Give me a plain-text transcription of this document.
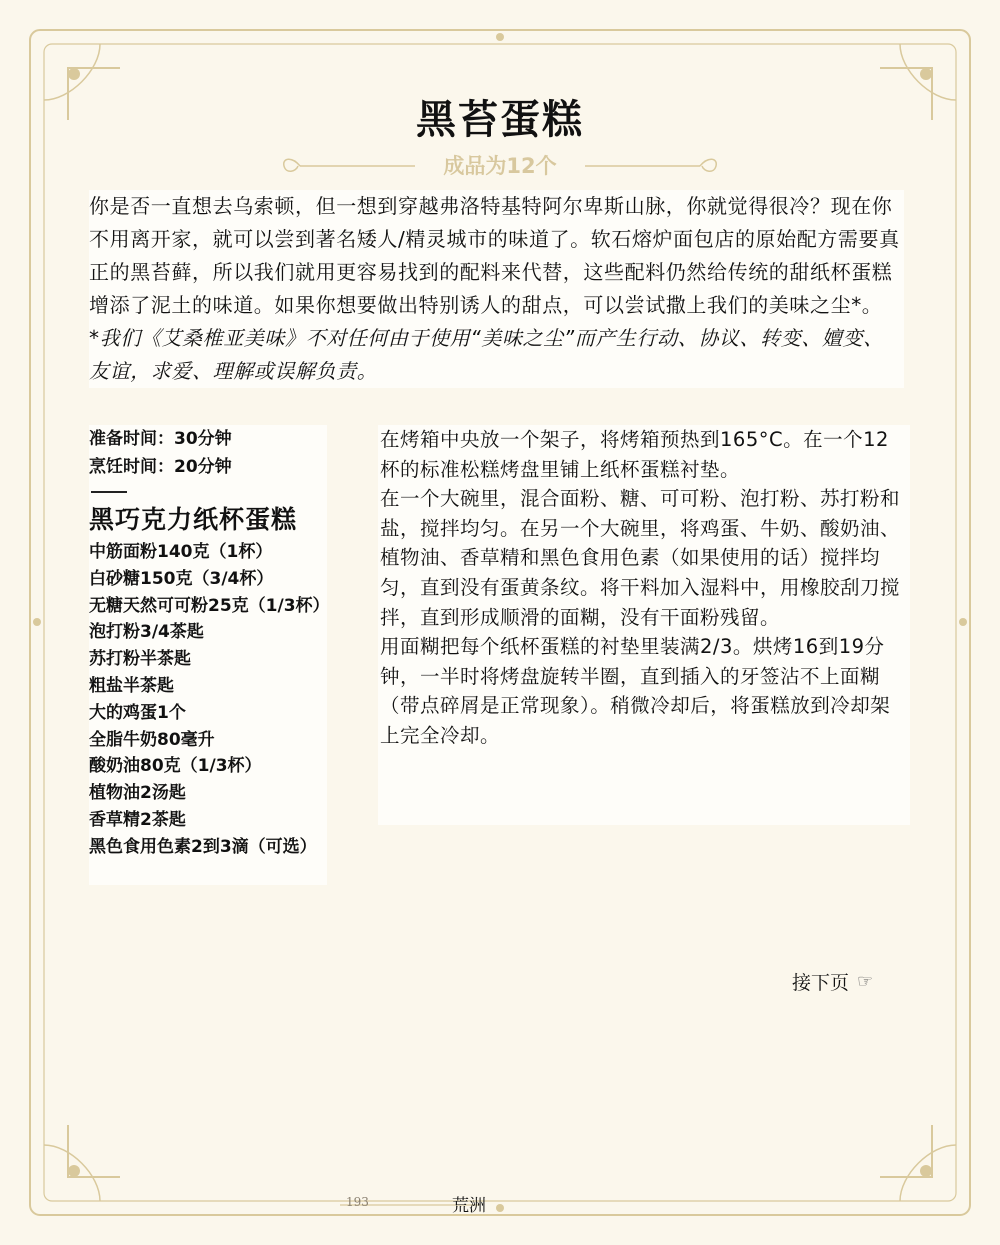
黑苔蛋糕
成品为12个

你是否一直想去乌索顿，但一想到穿越弗洛特基特阿尔卑斯山脉，你就觉得很冷？现在你不用离开家，就可以尝到著名矮人/精灵城市的味道了。软石熔炉面包店的原始配方需要真正的黑苔藓，所以我们就用更容易找到的配料来代替，这些配料仍然给传统的甜纸杯蛋糕增添了泥土的味道。如果你想要做出特别诱人的甜点，可以尝试撒上我们的美味之尘*。

*我们《艾桑椎亚美味》不对任何由于使用“美味之尘”而产生行动、协议、转变、嬗变、友谊，求爱、理解或误解负责。

准备时间：30分钟
烹饪时间：20分钟
黑巧克力纸杯蛋糕
中筋面粉140克（1杯）
白砂糖150克（3/4杯）
无糖天然可可粉25克（1/3杯）
泡打粉3/4茶匙
苏打粉半茶匙
粗盐半茶匙
大的鸡蛋1个
全脂牛奶80毫升
酸奶油80克（1/3杯）
植物油2汤匙
香草精2茶匙
黑色食用色素2到3滴（可选）

在烤箱中央放一个架子，将烤箱预热到165°C。在一个12杯的标准松糕烤盘里铺上纸杯蛋糕衬垫。

在一个大碗里，混合面粉、糖、可可粉、泡打粉、苏打粉和盐，搅拌均匀。在另一个大碗里，将鸡蛋、牛奶、酸奶油、植物油、香草精和黑色食用色素（如果使用的话）搅拌均匀，直到没有蛋黄条纹。将干料加入湿料中，用橡胶刮刀搅拌，直到形成顺滑的面糊，没有干面粉残留。

用面糊把每个纸杯蛋糕的衬垫里装满2/3。烘烤16到19分钟，一半时将烤盘旋转半圈，直到插入的牙签沾不上面糊（带点碎屑是正常现象）。稍微冷却后，将蛋糕放到冷却架上完全冷却。

接下页 ☞
193	荒洲
